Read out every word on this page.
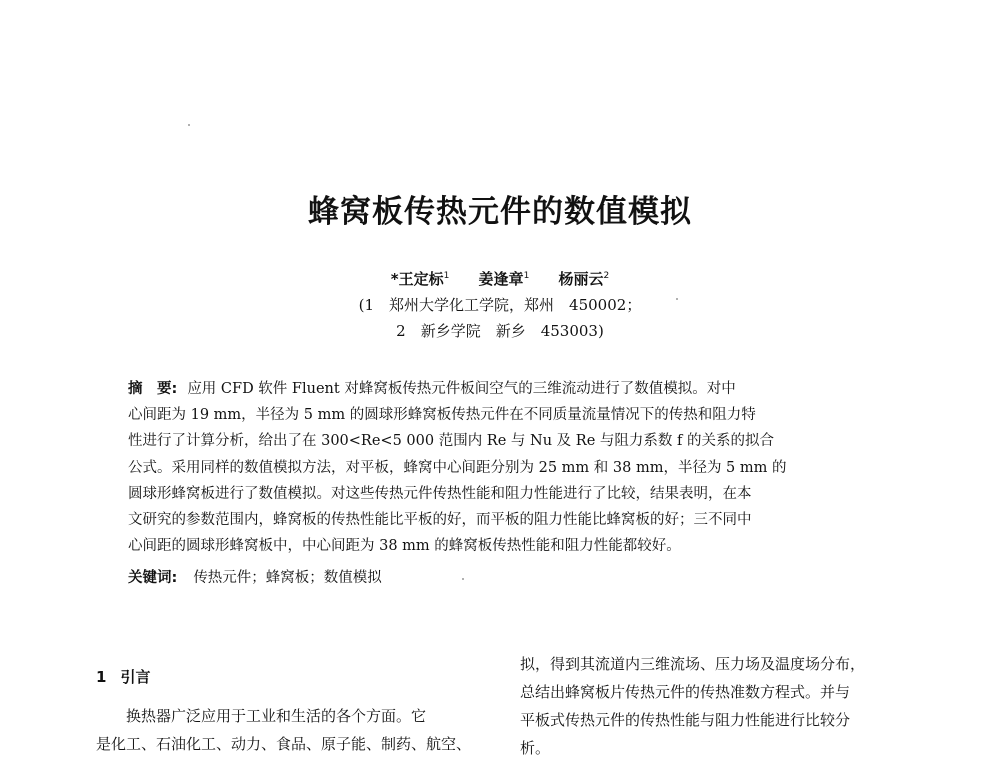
蜂窝板传热元件的数值模拟
*王定标$^1$ 姜逢章$^1$ 杨丽云$^2$
(1　郑州大学化工学院，郑州　450002；
2　新乡学院　新乡　453003)
摘　要: 应用 CFD 软件 Fluent 对蜂窝板传热元件板间空气的三维流动进行了数值模拟。对中
心间距为 19 mm，半径为 5 mm 的圆球形蜂窝板传热元件在不同质量流量情况下的传热和阻力特
性进行了计算分析，给出了在 300<Re<5 000 范围内 Re 与 Nu 及 Re 与阻力系数 f 的关系的拟合
公式。采用同样的数值模拟方法，对平板，蜂窝中心间距分别为 25 mm 和 38 mm，半径为 5 mm 的
圆球形蜂窝板进行了数值模拟。对这些传热元件传热性能和阻力性能进行了比较，结果表明，在本
文研究的参数范围内，蜂窝板的传热性能比平板的好，而平板的阻力性能比蜂窝板的好；三不同中
心间距的圆球形蜂窝板中，中心间距为 38 mm 的蜂窝板传热性能和阻力性能都较好。
关键词: 传热元件；蜂窝板；数值模拟
1 引言
换热器广泛应用于工业和生活的各个方面。它
是化工、石油化工、动力、食品、原子能、制药、航空、
拟，得到其流道内三维流场、压力场及温度场分布，
总结出蜂窝板片传热元件的传热准数方程式。并与
平板式传热元件的传热性能与阻力性能进行比较分
析。
